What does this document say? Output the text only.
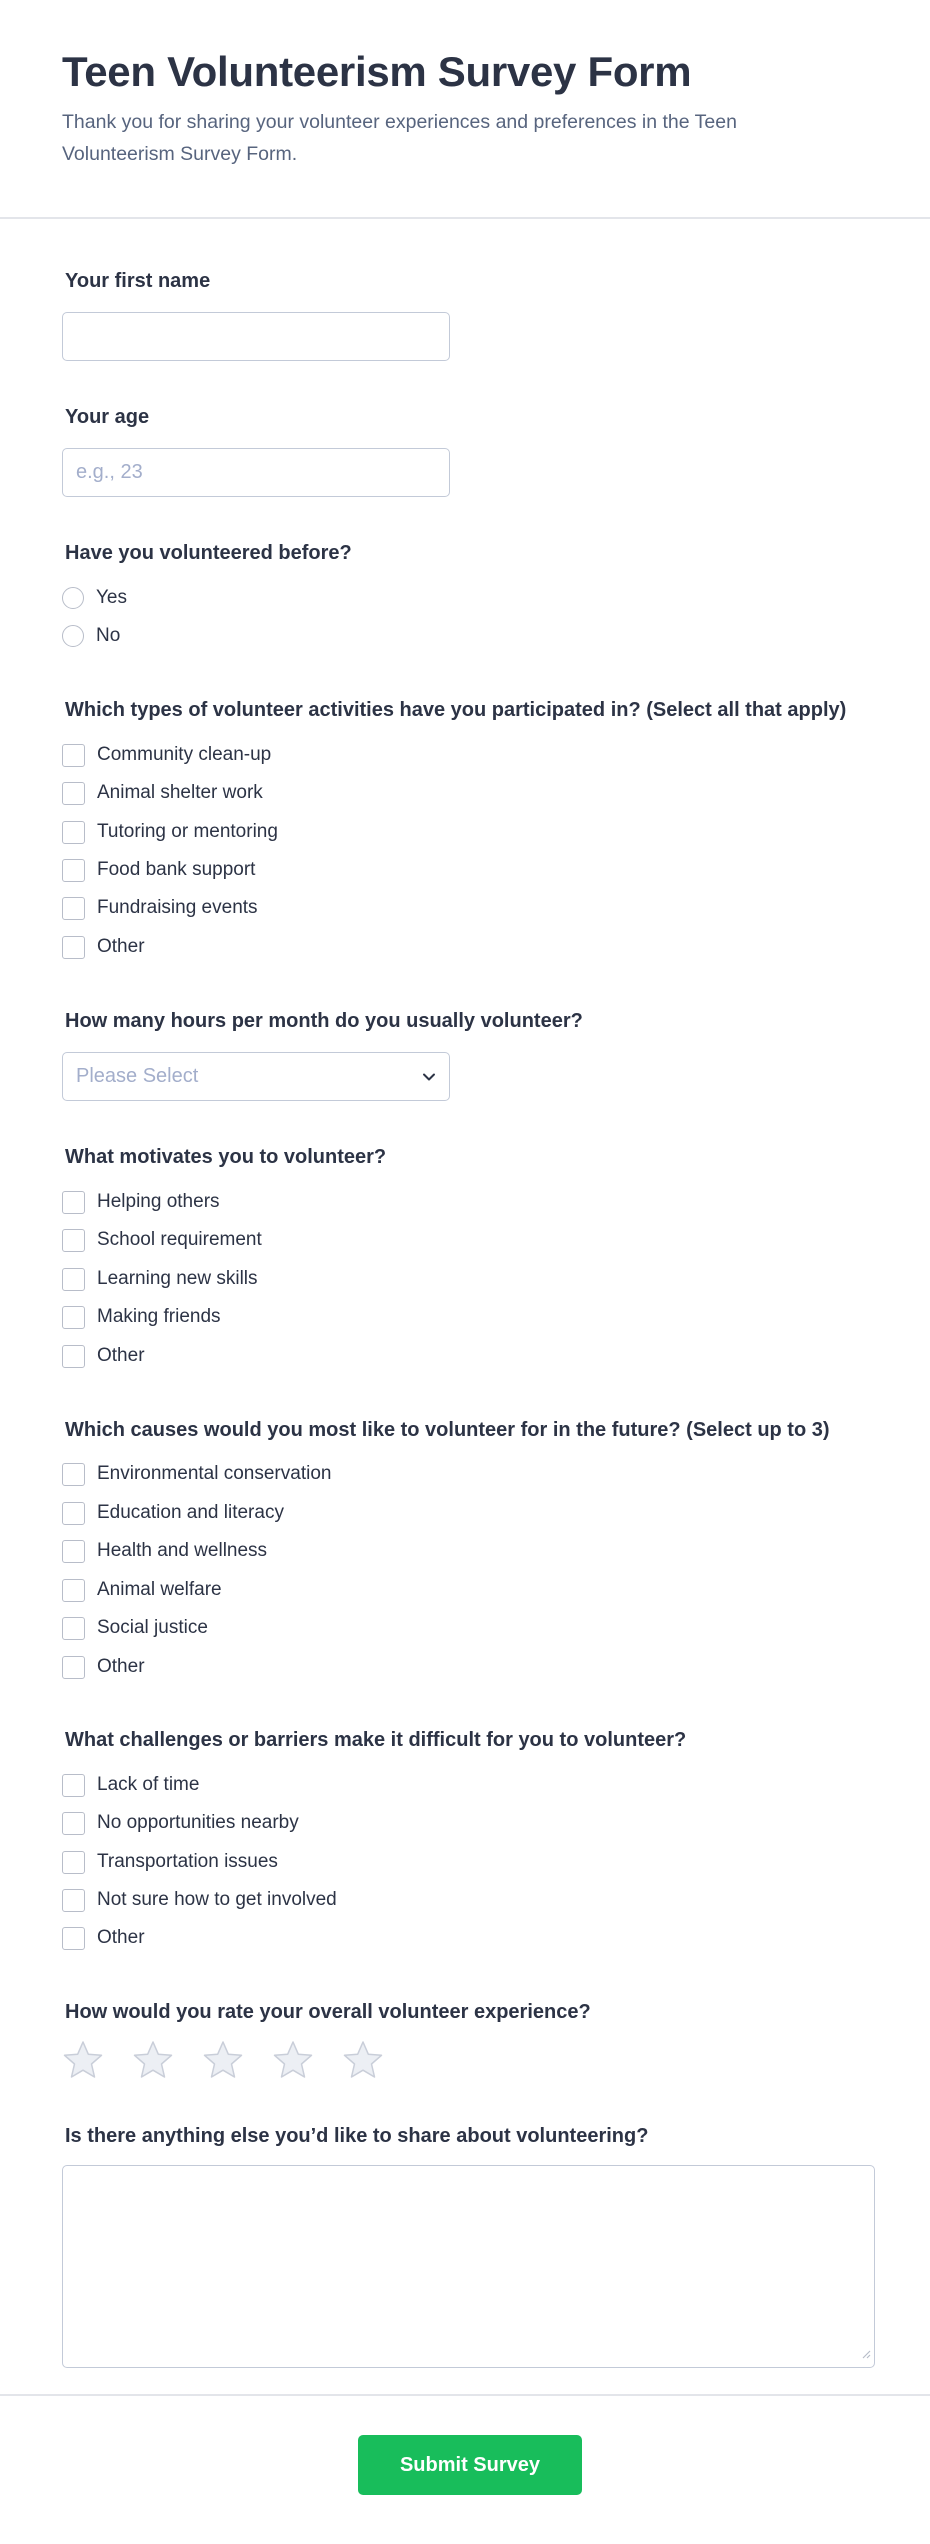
Teen Volunteerism Survey Form

Thank you for sharing your volunteer experiences and preferences in the Teen Volunteerism Survey Form.

Your first name
Your age
e.g., 23
Have you volunteered before?
Yes
No
Which types of volunteer activities have you participated in? (Select all that apply)
Community clean-up
Animal shelter work
Tutoring or mentoring
Food bank support
Fundraising events
Other
How many hours per month do you usually volunteer?
Please Select
What motivates you to volunteer?
Helping others
School requirement
Learning new skills
Making friends
Other
Which causes would you most like to volunteer for in the future? (Select up to 3)
Environmental conservation
Education and literacy
Health and wellness
Animal welfare
Social justice
Other
What challenges or barriers make it difficult for you to volunteer?
Lack of time
No opportunities nearby
Transportation issues
Not sure how to get involved
Other
How would you rate your overall volunteer experience?
Is there anything else you’d like to share about volunteering?
Submit Survey
